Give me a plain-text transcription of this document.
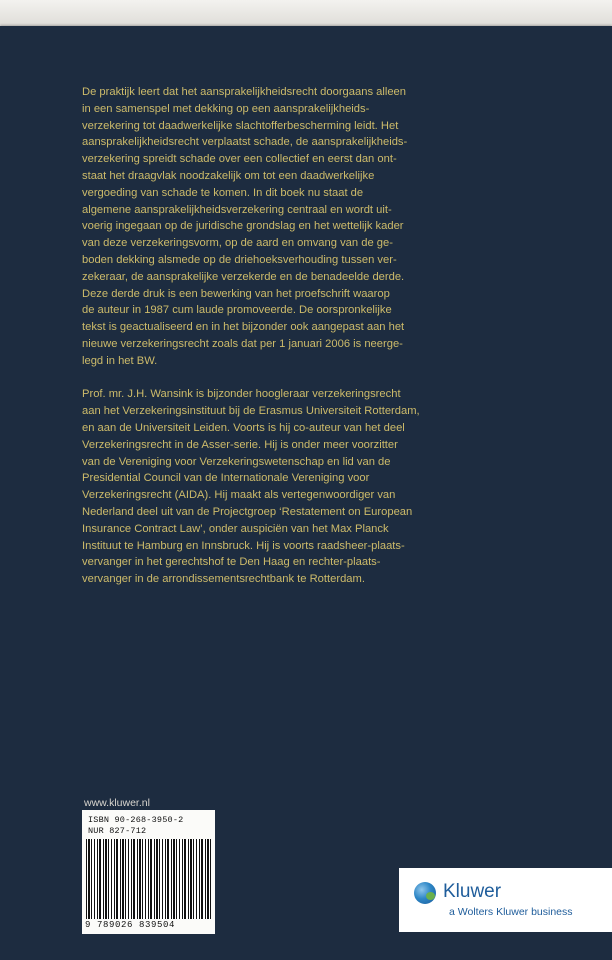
De praktijk leert dat het aansprakelijkheidsrecht doorgaans alleen
in een samenspel met dekking op een aansprakelijkheids-
verzekering tot daadwerkelijke slachtofferbescherming leidt. Het
aansprakelijkheidsrecht verplaatst schade, de aansprakelijkheids-
verzekering spreidt schade over een collectief en eerst dan ont-
staat het draagvlak noodzakelijk om tot een daadwerkelijke
vergoeding van schade te komen. In dit boek nu staat de
algemene aansprakelijkheidsverzekering centraal en wordt uit-
voerig ingegaan op de juridische grondslag en het wettelijk kader
van deze verzekeringsvorm, op de aard en omvang van de ge-
boden dekking alsmede op de driehoeksverhouding tussen ver-
zekeraar, de aansprakelijke verzekerde en de benadeelde derde.
Deze derde druk is een bewerking van het proefschrift waarop
de auteur in 1987 cum laude promoveerde. De oorspronkelijke
tekst is geactualiseerd en in het bijzonder ook aangepast aan het
nieuwe verzekeringsrecht zoals dat per 1 januari 2006 is neerge-
legd in het BW.

Prof. mr. J.H. Wansink is bijzonder hoogleraar verzekeringsrecht
aan het Verzekeringsinstituut bij de Erasmus Universiteit Rotterdam,
en aan de Universiteit Leiden. Voorts is hij co-auteur van het deel
Verzekeringsrecht in de Asser-serie. Hij is onder meer voorzitter
van de Vereniging voor Verzekeringswetenschap en lid van de
Presidential Council van de Internationale Vereniging voor
Verzekeringsrecht (AIDA). Hij maakt als vertegenwoordiger van
Nederland deel uit van de Projectgroep ‘Restatement on European
Insurance Contract Law’, onder auspiciën van het Max Planck
Instituut te Hamburg en Innsbruck. Hij is voorts raadsheer-plaats-
vervanger in het gerechtshof te Den Haag en rechter-plaats-
vervanger in de arrondissementsrechtbank te Rotterdam.

www.kluwer.nl
ISBN 90-268-3950-2
NUR 827-712
9 789026 839504
Kluwer
a Wolters Kluwer business
